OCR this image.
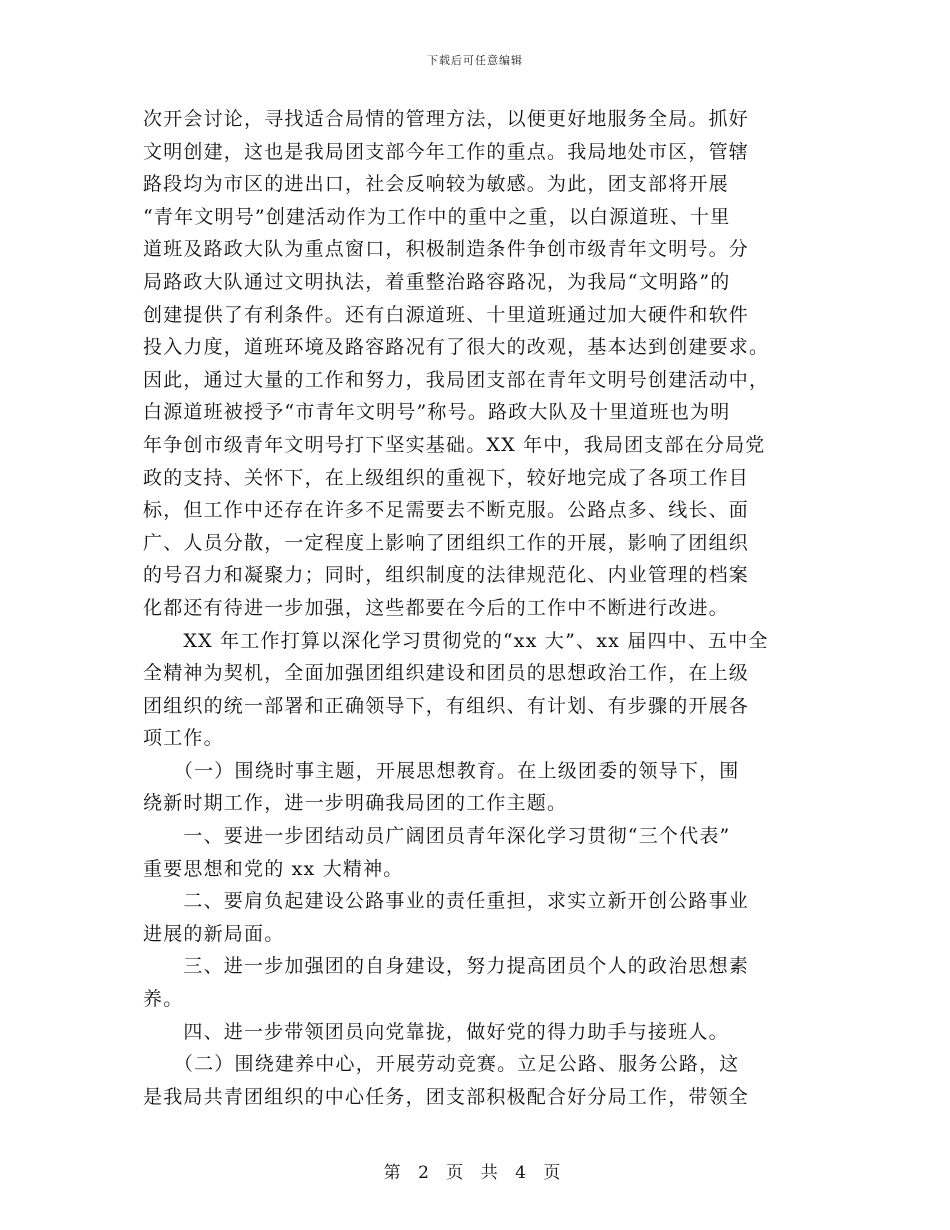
下载后可任意编辑

次开会讨论，寻找适合局情的管理方法，以便更好地服务全局。抓好
文明创建，这也是我局团支部今年工作的重点。我局地处市区，管辖
路段均为市区的进出口，社会反响较为敏感。为此，团支部将开展
“青年文明号”创建活动作为工作中的重中之重，以白源道班、十里
道班及路政大队为重点窗口，积极制造条件争创市级青年文明号。分
局路政大队通过文明执法，着重整治路容路况，为我局“文明路”的
创建提供了有利条件。还有白源道班、十里道班通过加大硬件和软件
投入力度，道班环境及路容路况有了很大的改观，基本达到创建要求。
因此，通过大量的工作和努力，我局团支部在青年文明号创建活动中，
白源道班被授予“市青年文明号”称号。路政大队及十里道班也为明
年争创市级青年文明号打下坚实基础。XX 年中，我局团支部在分局党
政的支持、关怀下，在上级组织的重视下，较好地完成了各项工作目
标，但工作中还存在许多不足需要去不断克服。公路点多、线长、面
广、人员分散，一定程度上影响了团组织工作的开展，影响了团组织
的号召力和凝聚力；同时，组织制度的法律规范化、内业管理的档案
化都还有待进一步加强，这些都要在今后的工作中不断进行改进。

　　XX 年工作打算以深化学习贯彻党的“xx 大”、xx 届四中、五中全
全精神为契机，全面加强团组织建设和团员的思想政治工作，在上级
团组织的统一部署和正确领导下，有组织、有计划、有步骤的开展各
项工作。

　　（一）围绕时事主题，开展思想教育。在上级团委的领导下，围
绕新时期工作，进一步明确我局团的工作主题。

　　一、要进一步团结动员广阔团员青年深化学习贯彻“三个代表”
重要思想和党的 xx 大精神。

　　二、要肩负起建设公路事业的责任重担，求实立新开创公路事业
进展的新局面。

　　三、进一步加强团的自身建设，努力提高团员个人的政治思想素
养。

　　四、进一步带领团员向党靠拢，做好党的得力助手与接班人。

　　（二）围绕建养中心，开展劳动竞赛。立足公路、服务公路，这
是我局共青团组织的中心任务，团支部积极配合好分局工作，带领全

第 2 页 共 4 页
